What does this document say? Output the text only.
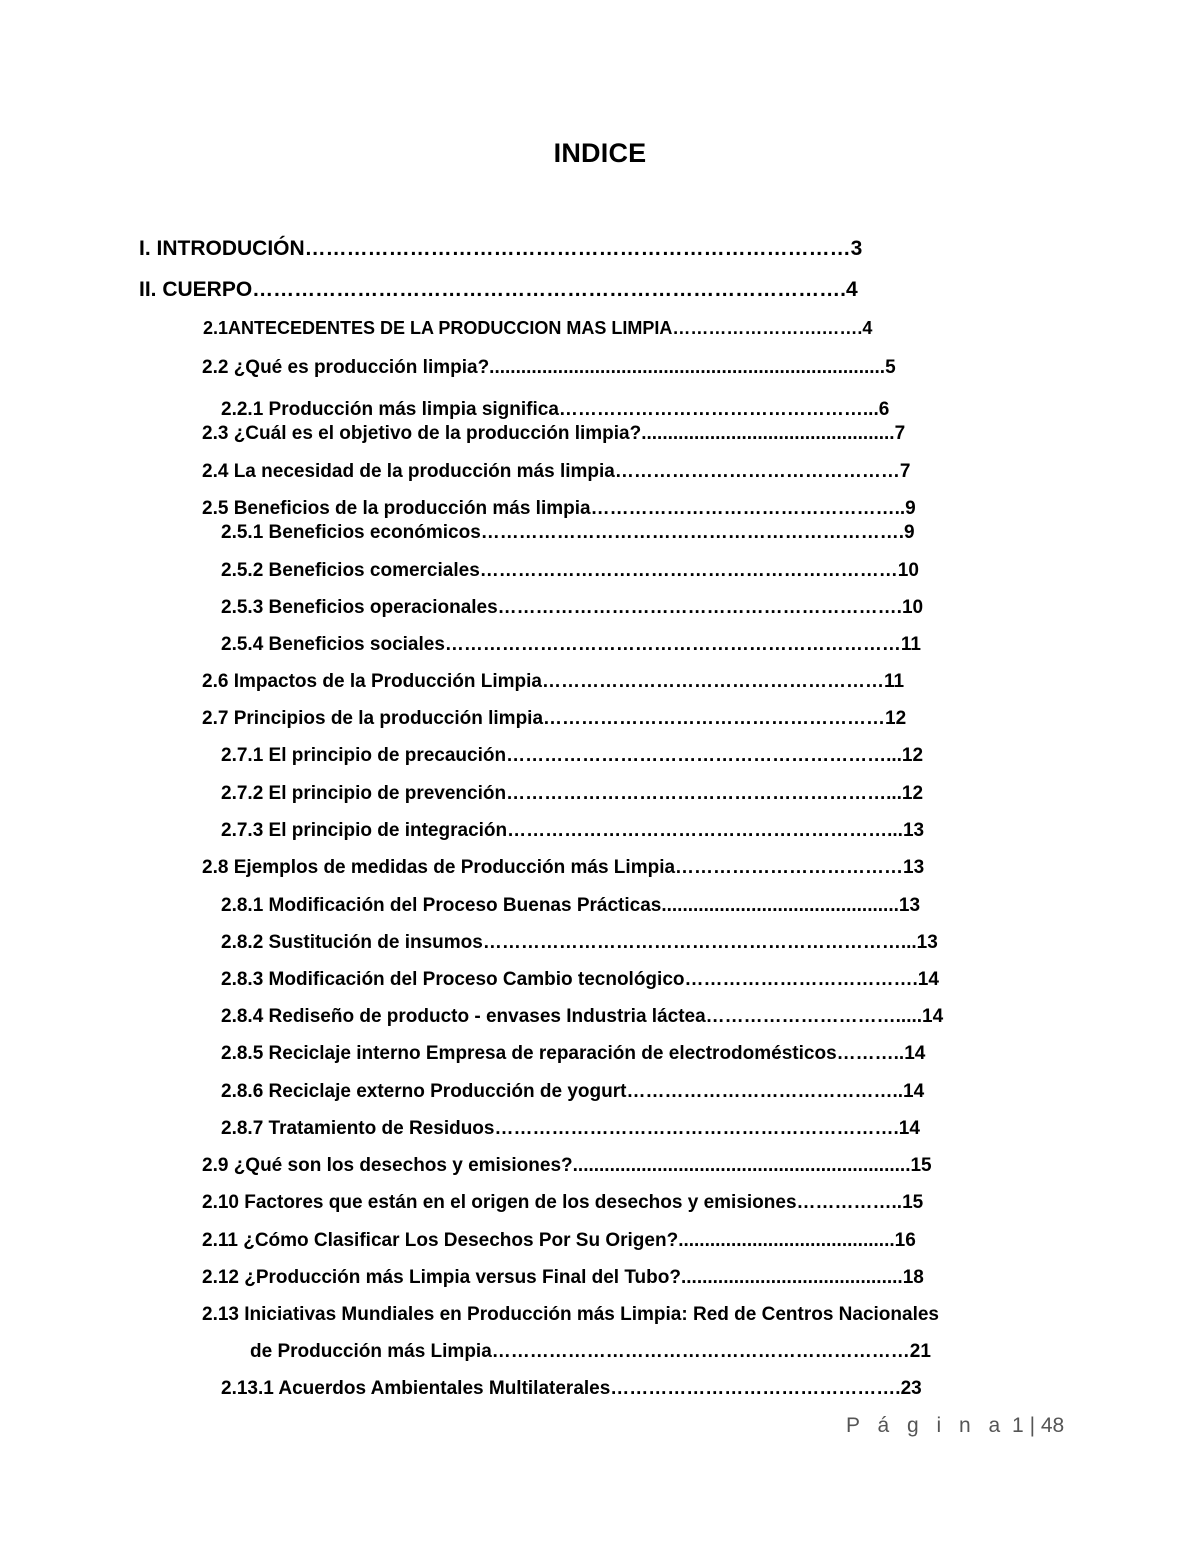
INDICE
I. INTRODUCIÓN……………………………………………………………………3
II. CUERPO………………………………………………………………………….4
2.1ANTECEDENTES DE LA PRODUCCION MAS LIMPIA…………………….…….4
2.2 ¿Qué es producción limpia?...........................................................................5
2.2.1 Producción más limpia significa…………………………………………...6
2.3 ¿Cuál es el objetivo de la producción limpia?................................................7
2.4 La necesidad de la producción más limpia………………………………………7
2.5 Beneficios de la producción más limpia…………………………………………..9
2.5.1 Beneficios económicos………………………………………………………….9
2.5.2 Beneficios comerciales…………………………………………………………10
2.5.3 Beneficios operacionales……………………………………………………….10
2.5.4 Beneficios sociales………………………………………………………………11
2.6 Impactos de la Producción Limpia………………………………………………11
2.7 Principios de la producción limpia………………………………………………12
2.7.1 El principio de precaución……………………………………………………...12
2.7.2 El principio de prevención……………………………………………………...12
2.7.3 El principio de integración……………………………………………………...13
2.8 Ejemplos de medidas de Producción más Limpia………………………………13
2.8.1 Modificación del Proceso Buenas Prácticas.............................................13
2.8.2 Sustitución de insumos…………………………………………………………...13
2.8.3 Modificación del Proceso Cambio tecnológico……………………………….14
2.8.4 Rediseño de producto - envases Industria láctea………………………….....14
2.8.5 Reciclaje interno Empresa de reparación de electrodomésticos………..14
2.8.6 Reciclaje externo Producción de yogurt……………………………………..14
2.8.7 Tratamiento de Residuos……………………………………………………….14
2.9 ¿Qué son los desechos y emisiones?................................................................15
2.10 Factores que están en el origen de los desechos y emisiones……………..15
2.11 ¿Cómo Clasificar Los Desechos Por Su Origen?.........................................16
2.12 ¿Producción más Limpia versus Final del Tubo?..........................................18
2.13 Iniciativas Mundiales en Producción más Limpia: Red de Centros Nacionales
de Producción más Limpia…………………………………………………………21
2.13.1 Acuerdos Ambientales Multilaterales……………………………………….23
P á g i n a 1 | 48
